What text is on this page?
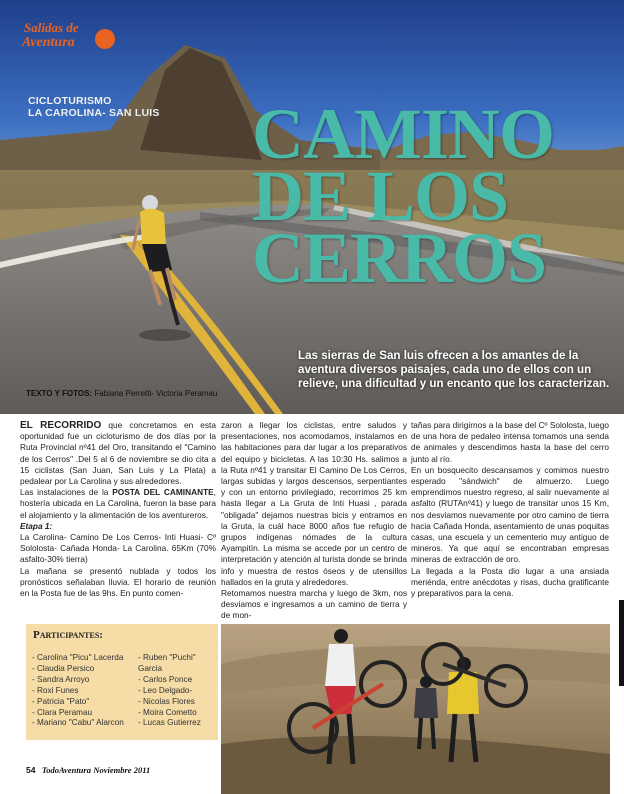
Salidas de
Aventura
CICLOTURISMO
LA CAROLINA- SAN LUIS CAMINO
DE LOS
CERROS
Las sierras de San luis ofrecen a los amantes de la aventura diversos paisajes, cada uno de ellos con un relieve, una dificultad y un encanto que los caracterizan.
TEXTO Y FOTOS: Fabiana Perretti- Victoria Peramau

EL RECORRIDO que concretamos en esta oportunidad fue un cicloturismo de dos días por la Ruta Provincial nº41 del Oro, transitando el "Camino de los Cerros" .Del 5 al 6 de noviembre se dio cita a 15 ciclistas (San Juan, San Luis y La Plata) a pedalear por La Carolina y sus alrededores.

Las instalaciones de la POSTA DEL CAMINANTE, hostería ubicada en La Carolina, fueron la base para el alojamiento y la alimentación de los aventureros.

Etapa 1:

La Carolina- Camino De Los Cerros- Inti Huasi- Cº Sololosta- Cañada Honda- La Carolina. 65Km (70% asfalto-30% tierra)

La mañana se presentó nublada y todos los pronósticos señalaban lluvia. El horario de reunión en la Posta fue de las 9hs. En punto comen-

zaron a llegar los ciclistas, entre saludos y presentaciones, nos acomodamos, instalamos en las habitaciones para dar lugar a los preparativos del equipo y bicicletas. A las 10:30 Hs. salimos a la Ruta nº41 y transitar El Camino De Los Cerros, largas subidas y largos descensos, serpentiantes y con un entorno privilegiado, recorrimos 25 km hasta llegar a La Gruta de Inti Huasi , parada "obligada" dejamos nuestras bicis y entramos en la Gruta, la cuál hace 8000 años fue refugio de grupos indígenas nómades de la cultura Ayampitín. La misma se accede por un centro de interpretación y atención al turista donde se brinda info y muestra de restos óseos y de utensillos hallados en la gruta y alrededores.

Retomamos nuestra marcha y luego de 3km, nos desviamos e ingresamos a un camino de tierra y de mon-

tañas para dirigirnos a la base del Cº Sololosta, luego de una hora de pedaleo intensa tomamos una senda de animales y descendimos hasta la base del cerro junto al río.

En un bosquecito descansamos y comimos nuestro esperado "sándwich" de almuerzo. Luego emprendimos nuestro regreso, al salir nuevamente al asfalto (RUTAnº41) y luego de transitar unos 15 Km, nos desviamos nuevamente por otro camino de tierra hacia Cañada Honda, asentamiento de unas poquitas casas, una escuela y un cementerio muy antiguo de mineros. Ya que aquí se encontraban empresas mineras de extracción de oro.

La llegada a la Posta dio lugar a una ansiada meriénda, entre anécdotas y risas, ducha gratificante y preparativos para la cena.

Participantes:
- Carolina "Picu" Lacerda
- Claudia Persico
- Sandra Arroyo
- Roxi Funes
- Patricia "Pato"
- Clara Peramau
- Mariano "Cabu" Alarcon
- Ruben "Puchi" Garcia
- Carlos Ponce
- Leo Delgado-
- Nicolas Flores
- Moira Cometto
- Lucas Gutierrez
54 TodoAventura Noviembre 2011
